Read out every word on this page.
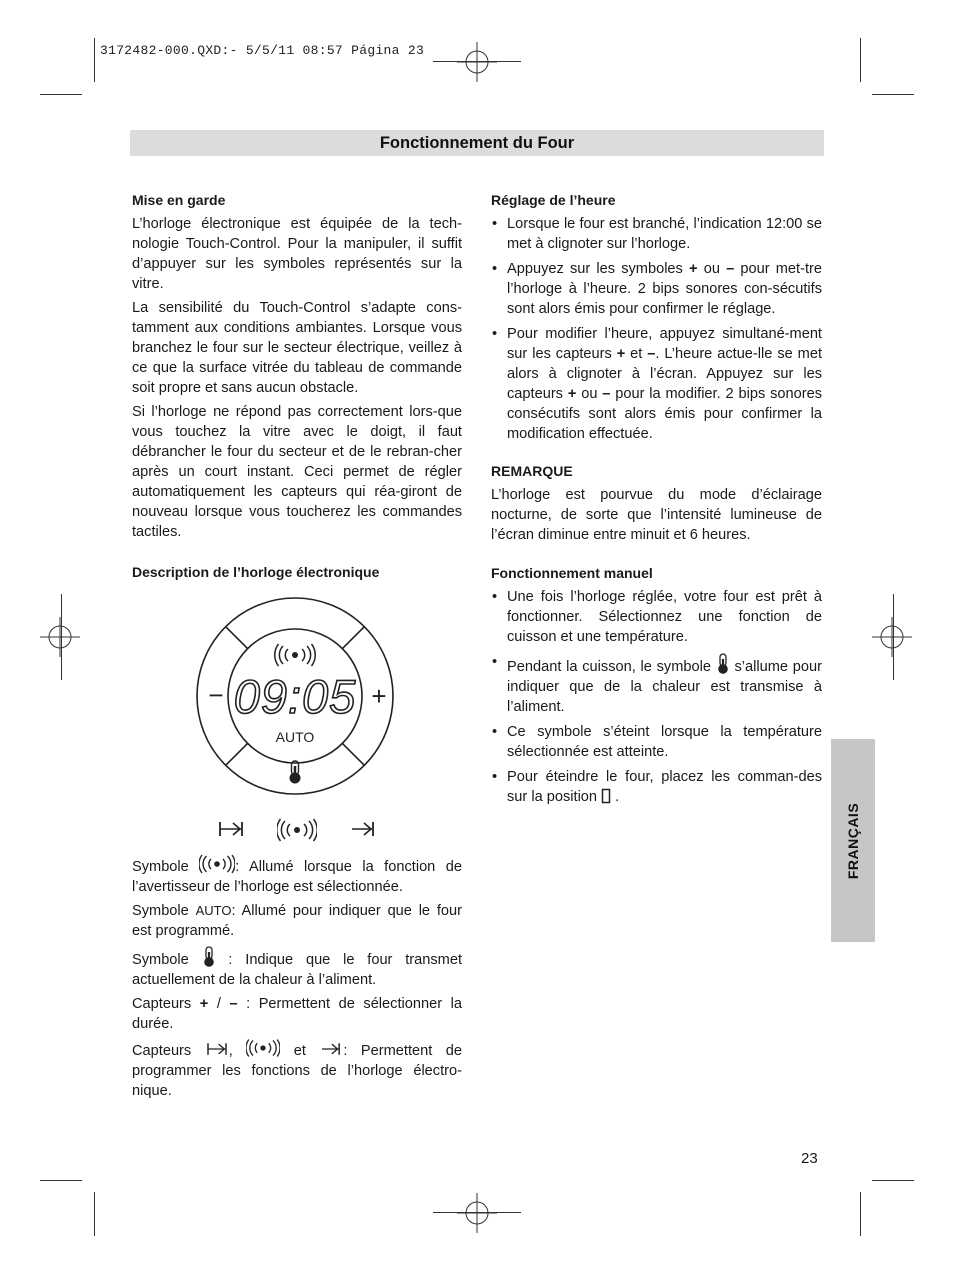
3172482-000.QXD:- 5/5/11 08:57 Página 23
Fonctionnement du Four
Mise en garde
L’horloge électronique est équipée de la tech-nologie Touch-Control. Pour la manipuler, il suffit d’appuyer sur les symboles représentés sur la vitre.
La sensibilité du Touch-Control s’adapte cons-tamment aux conditions ambiantes. Lorsque vous branchez le four sur le secteur électrique, veillez à ce que la surface vitrée du tableau de commande soit propre et sans aucun obstacle.
Si l’horloge ne répond pas correctement lors-que vous touchez la vitre avec le doigt, il faut débrancher le four du secteur et de le rebran-cher après un court instant. Ceci permet de régler automatiquement les capteurs qui réa-giront de nouveau lorsque vous toucherez les commandes tactiles.
Description de l’horloge électronique
−	+
09:05
AUTO
Symbole : Allumé lorsque la fonction de l’avertisseur de l’horloge est sélectionnée.
Symbole AUTO: Allumé pour indiquer que le four est programmé.
Symbole  : Indique que le four transmet actuellement de la chaleur à l’aliment.
Capteurs + / – : Permettent de sélectionner la durée.
Capteurs ,  et : Permettent de programmer les fonctions de l’horloge électro-nique.
Réglage de l’heure
• Lorsque le four est branché, l’indication 12:00 se met à clignoter sur l’horloge.
• Appuyez sur les symboles + ou – pour met-tre l’horloge à l’heure. 2 bips sonores con-sécutifs sont alors émis pour confirmer le réglage.
• Pour modifier l’heure, appuyez simultané-ment sur les capteurs + et –. L’heure actue-lle se met alors à clignoter à l’écran. Appuyez sur les capteurs + ou – pour la modifier. 2 bips sonores consécutifs sont alors émis pour confirmer la modification effectuée.
REMARQUE
L’horloge est pourvue du mode d’éclairage nocturne, de sorte que l’intensité lumineuse de l’écran diminue entre minuit et 6 heures.
Fonctionnement manuel
• Une fois l’horloge réglée, votre four est prêt à fonctionner. Sélectionnez une fonction de cuisson et une température.
• Pendant la cuisson, le symbole  s’allume pour indiquer que de la chaleur est transmise à l’aliment.
• Ce symbole s’éteint lorsque la température sélectionnée est atteinte.
• Pour éteindre le four, placez les comman-des sur la position  .
FRANÇAIS
23
